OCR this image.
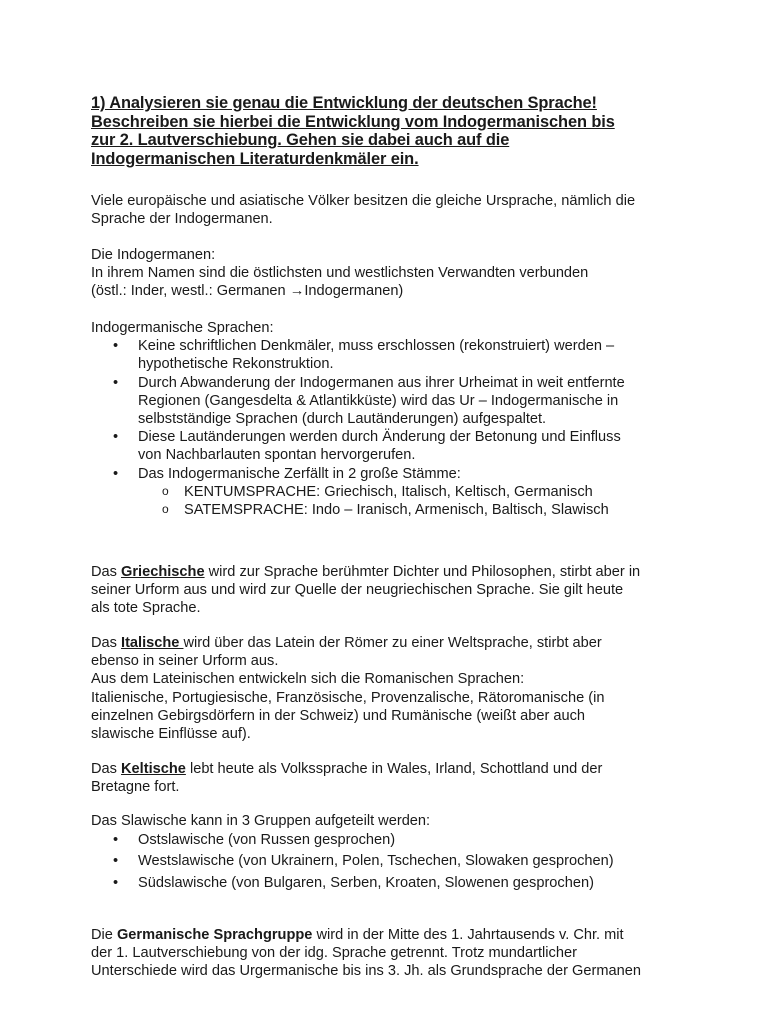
1) Analysieren sie genau die Entwicklung der deutschen Sprache!
Beschreiben sie hierbei die Entwicklung vom Indogermanischen bis
zur 2. Lautverschiebung. Gehen sie dabei auch auf die
Indogermanischen Literaturdenkmäler ein.
Viele europäische und asiatische Völker besitzen die gleiche Ursprache, nämlich die
Sprache der Indogermanen.
Die Indogermanen:
In ihrem Namen sind die östlichsten und westlichsten Verwandten verbunden
(östl.: Inder, westl.: Germanen →Indogermanen)
Indogermanische Sprachen:
• Keine schriftlichen Denkmäler, muss erschlossen (rekonstruiert) werden –
hypothetische Rekonstruktion.
• Durch Abwanderung der Indogermanen aus ihrer Urheimat in weit entfernte
Regionen (Gangesdelta & Atlantikküste) wird das Ur – Indogermanische in
selbstständige Sprachen (durch Lautänderungen) aufgespaltet.
• Diese Lautänderungen werden durch Änderung der Betonung und Einfluss
von Nachbarlauten spontan hervorgerufen.
• Das Indogermanische Zerfällt in 2 große Stämme:
o KENTUMSPRACHE: Griechisch, Italisch, Keltisch, Germanisch
o SATEMSPRACHE: Indo – Iranisch, Armenisch, Baltisch, Slawisch
Das Griechische wird zur Sprache berühmter Dichter und Philosophen, stirbt aber in
seiner Urform aus und wird zur Quelle der neugriechischen Sprache. Sie gilt heute
als tote Sprache.
Das Italische wird über das Latein der Römer zu einer Weltsprache, stirbt aber
ebenso in seiner Urform aus.
Aus dem Lateinischen entwickeln sich die Romanischen Sprachen:
Italienische, Portugiesische, Französische, Provenzalische, Rätoromanische (in
einzelnen Gebirgsdörfern in der Schweiz) und Rumänische (weißt aber auch
slawische Einflüsse auf).
Das Keltische lebt heute als Volkssprache in Wales, Irland, Schottland und der
Bretagne fort.
Das Slawische kann in 3 Gruppen aufgeteilt werden:
• Ostslawische (von Russen gesprochen)
• Westslawische (von Ukrainern, Polen, Tschechen, Slowaken gesprochen)
• Südslawische (von Bulgaren, Serben, Kroaten, Slowenen gesprochen)
Die Germanische Sprachgruppe wird in der Mitte des 1. Jahrtausends v. Chr. mit
der 1. Lautverschiebung von der idg. Sprache getrennt. Trotz mundartlicher
Unterschiede wird das Urgermanische bis ins 3. Jh. als Grundsprache der Germanen
